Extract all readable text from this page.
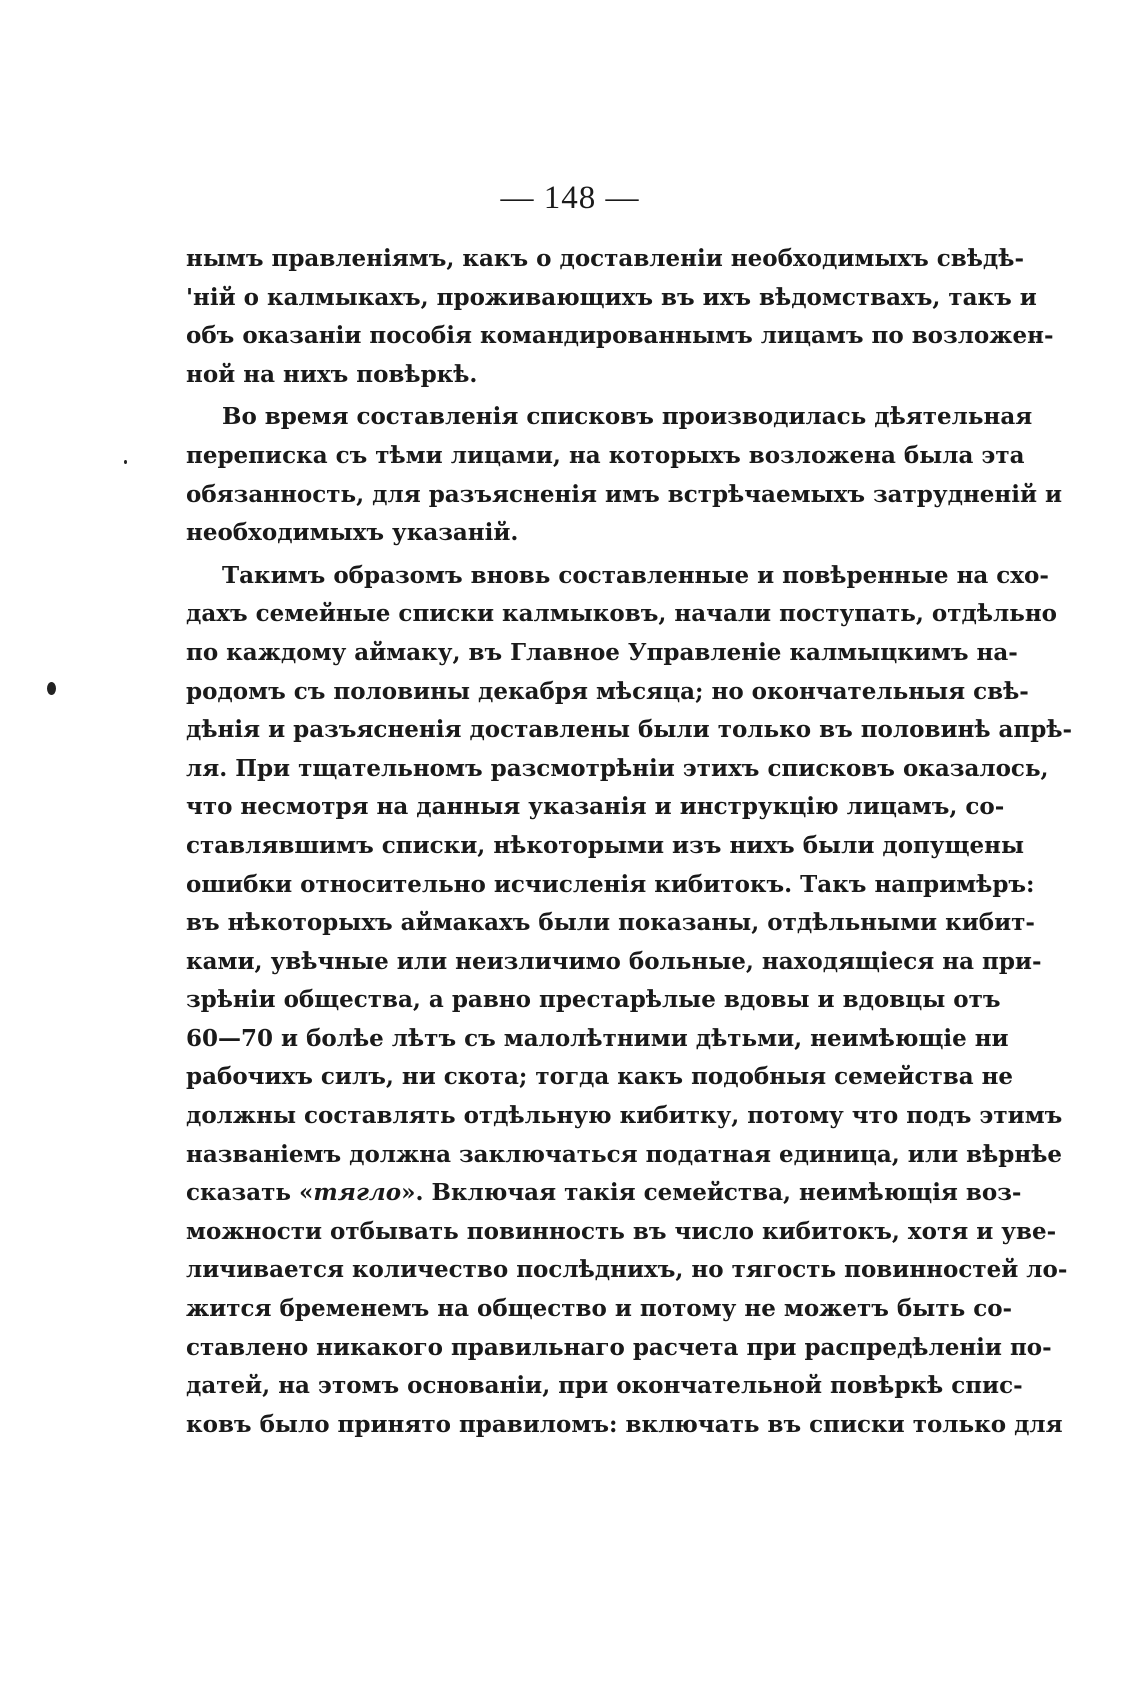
— 148 —
нымъ правленіямъ, какъ о доставленіи необходимыхъ свѣдѣ-
'ній о калмыкахъ, проживающихъ въ ихъ вѣдомствахъ, такъ и
объ оказаніи пособія командированнымъ лицамъ по возложен-
ной на нихъ повѣркѣ.
Во время составленія списковъ производилась дѣятельная
переписка съ тѣми лицами, на которыхъ возложена была эта
обязанность, для разъясненія имъ встрѣчаемыхъ затрудненій и
необходимыхъ указаній.
Такимъ образомъ вновь составленные и повѣренные на схо-
дахъ семейные списки калмыковъ, начали поступать, отдѣльно
по каждому аймаку, въ Главное Управленіе калмыцкимъ на-
родомъ съ половины декабря мѣсяца; но окончательныя свѣ-
дѣнія и разъясненія доставлены были только въ половинѣ апрѣ-
ля. При тщательномъ разсмотрѣніи этихъ списковъ оказалось,
что несмотря на данныя указанія и инструкцію лицамъ, со-
ставлявшимъ списки, нѣкоторыми изъ нихъ были допущены
ошибки относительно исчисленія кибитокъ. Такъ напримѣръ:
въ нѣкоторыхъ аймакахъ были показаны, отдѣльными кибит-
ками, увѣчные или неизличимо больные, находящіеся на при-
зрѣніи общества, а равно престарѣлые вдовы и вдовцы отъ
60—70 и болѣе лѣтъ съ малолѣтними дѣтьми, неимѣющіе ни
рабочихъ силъ, ни скота; тогда какъ подобныя семейства не
должны составлять отдѣльную кибитку, потому что подъ этимъ
названіемъ должна заключаться податная единица, или вѣрнѣе
сказать «тягло». Включая такія семейства, неимѣющія воз-
можности отбывать повинность въ число кибитокъ, хотя и уве-
личивается количество послѣднихъ, но тягость повинностей ло-
жится бременемъ на общество и потому не можетъ быть со-
ставлено никакого правильнаго расчета при распредѣленіи по-
датей, на этомъ основаніи, при окончательной повѣркѣ спис-
ковъ было принято правиломъ: включать въ списки только для
